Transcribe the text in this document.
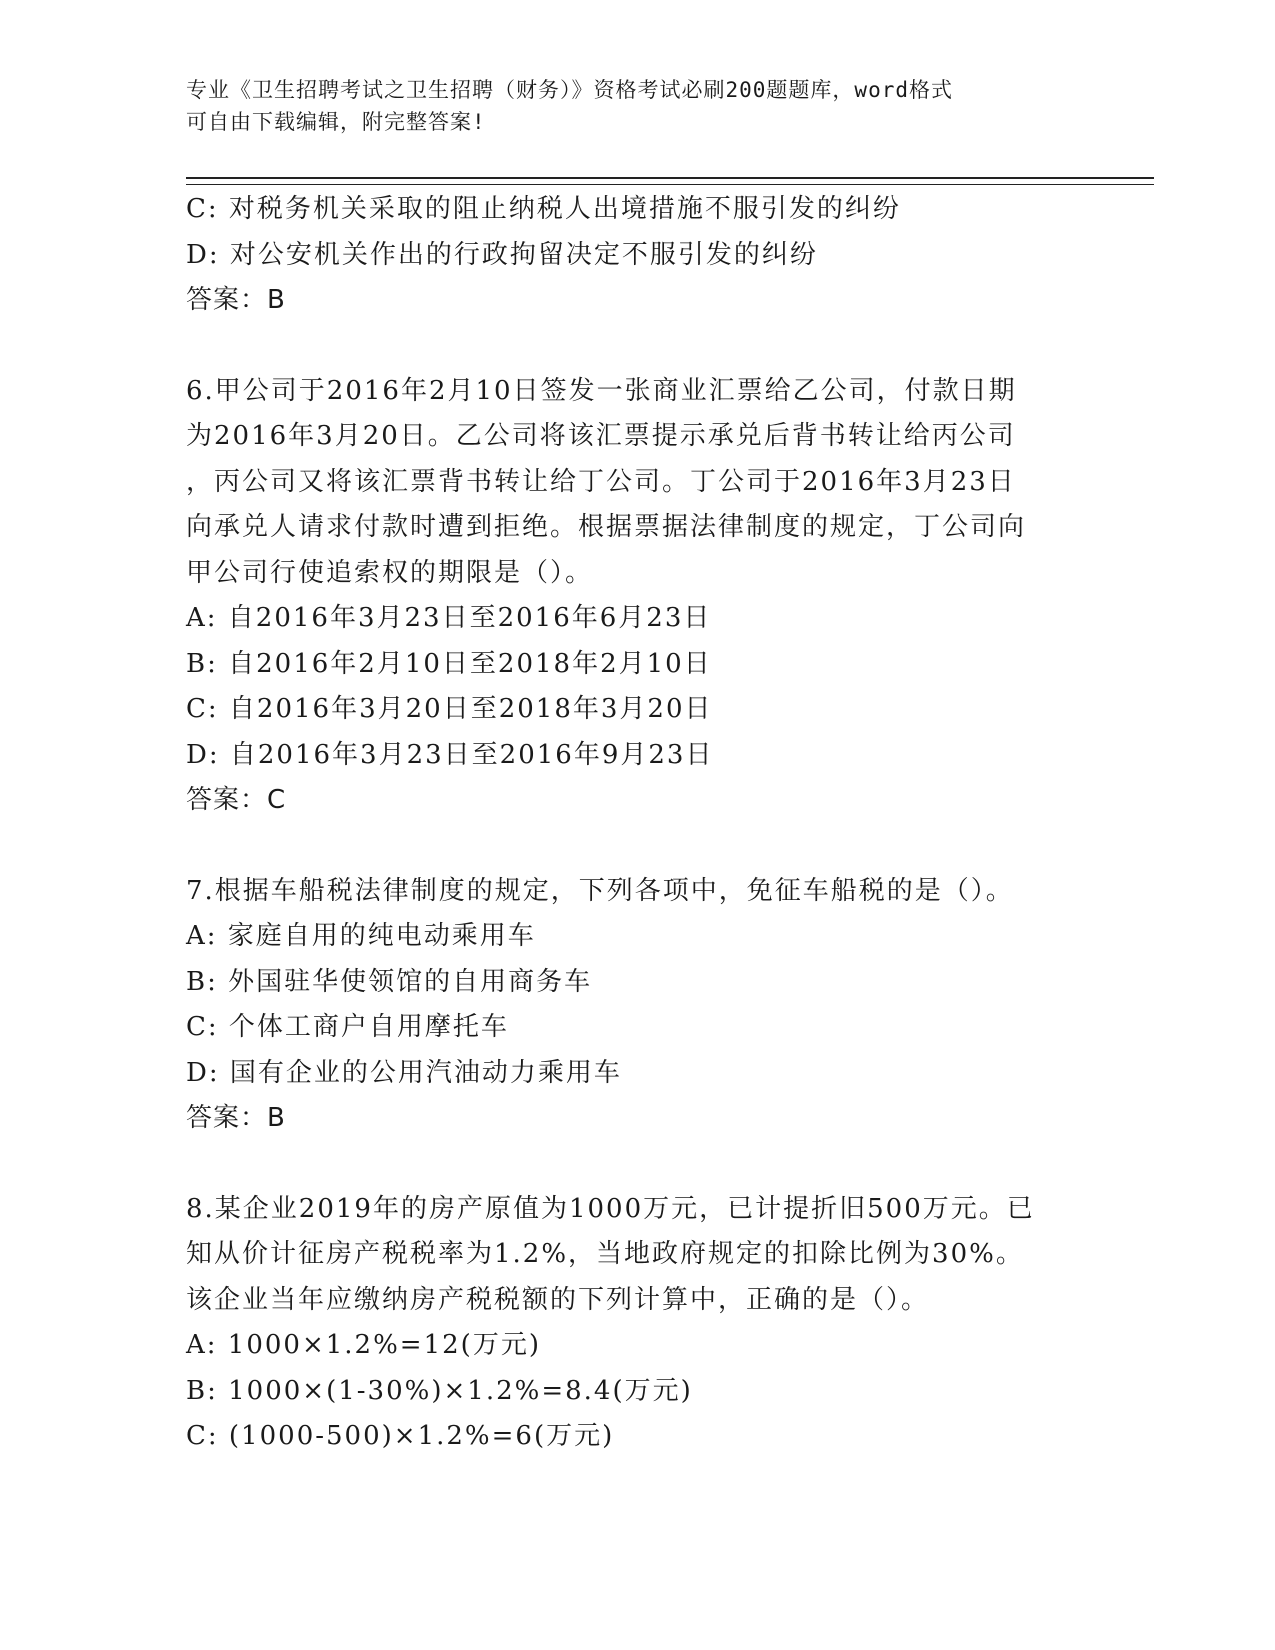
专业《卫生招聘考试之卫生招聘（财务）》资格考试必刷200题题库，word格式
可自由下载编辑，附完整答案!
C: 对税务机关采取的阻止纳税人出境措施不服引发的纠纷
D: 对公安机关作出的行政拘留决定不服引发的纠纷
答案：B
6.甲公司于2016年2月10日签发一张商业汇票给乙公司，付款日期
为2016年3月20日。乙公司将该汇票提示承兑后背书转让给丙公司
，丙公司又将该汇票背书转让给丁公司。丁公司于2016年3月23日
向承兑人请求付款时遭到拒绝。根据票据法律制度的规定，丁公司向
甲公司行使追索权的期限是（）。
A: 自2016年3月23日至2016年6月23日
B: 自2016年2月10日至2018年2月10日
C: 自2016年3月20日至2018年3月20日
D: 自2016年3月23日至2016年9月23日
答案：C
7.根据车船税法律制度的规定，下列各项中，免征车船税的是（）。
A: 家庭自用的纯电动乘用车
B: 外国驻华使领馆的自用商务车
C: 个体工商户自用摩托车
D: 国有企业的公用汽油动力乘用车
答案：B
8.某企业2019年的房产原值为1000万元，已计提折旧500万元。已
知从价计征房产税税率为1.2%，当地政府规定的扣除比例为30%。
该企业当年应缴纳房产税税额的下列计算中，正确的是（）。
A: 1000×1.2%=12(万元)
B: 1000×(1-30%)×1.2%=8.4(万元)
C: (1000-500)×1.2%=6(万元)
